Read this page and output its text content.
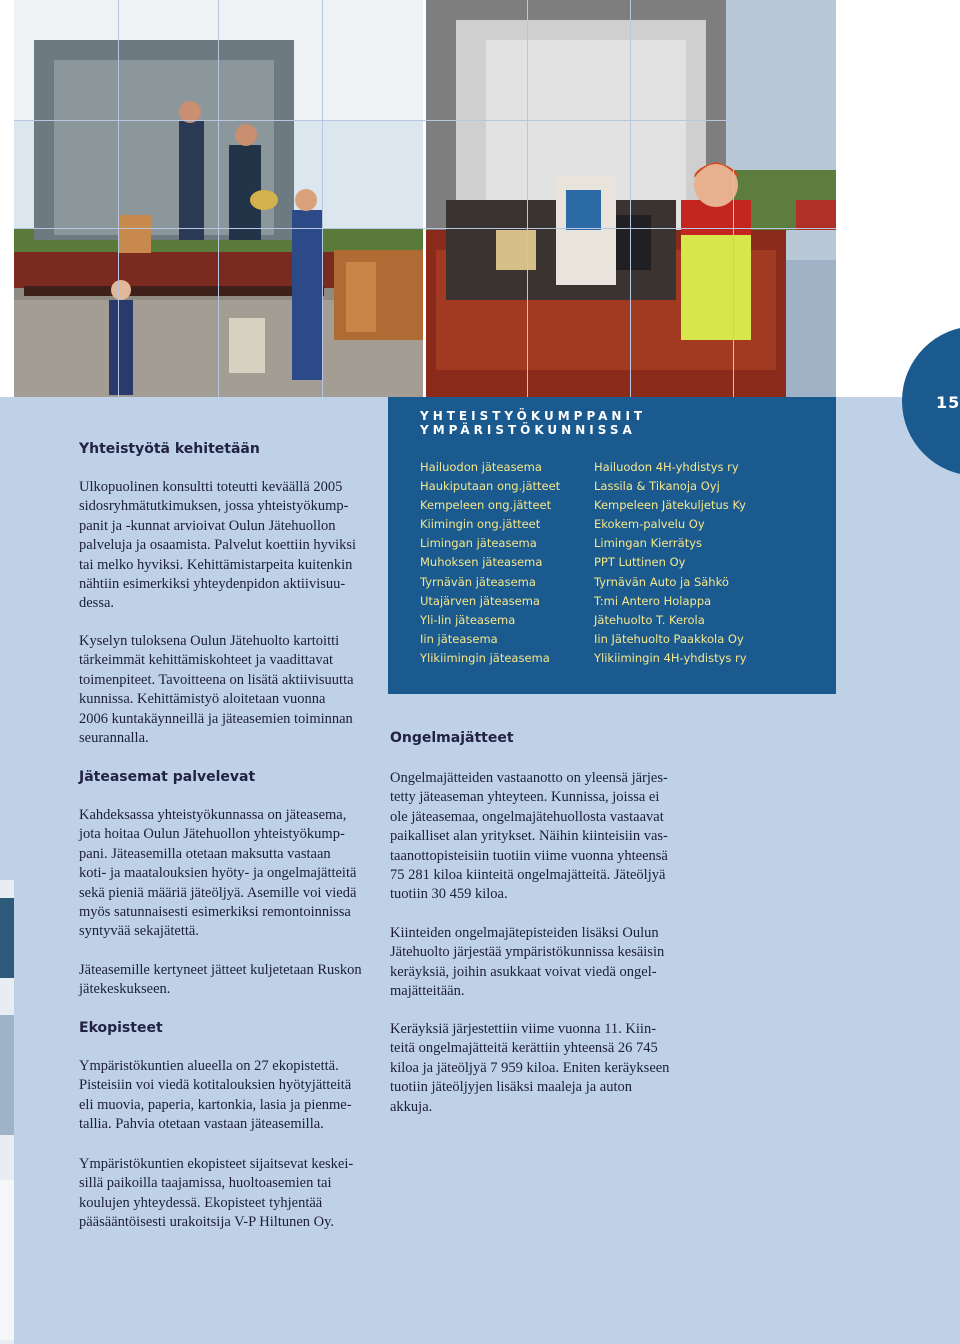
15
Yhteistyötä kehitetään

Ulkopuolinen konsultti toteutti keväällä 2005
sidosryhmätutkimuksen, jossa yhteistyökump-
panit ja -kunnat arvioivat Oulun Jätehuollon
palveluja ja osaamista. Palvelut koettiin hyviksi
tai melko hyviksi. Kehittämistarpeita kuitenkin
nähtiin esimerkiksi yhteydenpidon aktiivisuu-
dessa.

Kyselyn tuloksena Oulun Jätehuolto kartoitti
tärkeimmät kehittämiskohteet ja vaadittavat
toimenpiteet. Tavoitteena on lisätä aktiivisuutta
kunnissa. Kehittämistyö aloitetaan vuonna
2006 kuntakäynneillä ja jäteasemien toiminnan
seurannalla.

Jäteasemat palvelevat

Kahdeksassa yhteistyökunnassa on jäteasema,
jota hoitaa Oulun Jätehuollon yhteistyökump-
pani. Jäteasemilla otetaan maksutta vastaan
koti- ja maatalouksien hyöty- ja ongelmajätteitä
sekä pieniä määriä jäteöljyä. Asemille voi viedä
myös satunnaisesti esimerkiksi remontoinnissa
syntyvää sekajätettä.

Jäteasemille kertyneet jätteet kuljetetaan Ruskon
jätekeskukseen.

Ekopisteet

Ympäristökuntien alueella on 27 ekopistettä.
Pisteisiin voi viedä kotitalouksien hyötyjätteitä
eli muovia, paperia, kartonkia, lasia ja pienme-
tallia. Pahvia otetaan vastaan jäteasemilla.

Ympäristökuntien ekopisteet sijaitsevat keskei-
sillä paikoilla taajamissa, huoltoasemien tai
koulujen yhteydessä. Ekopisteet tyhjentää
pääsääntöisesti urakoitsija V-P Hiltunen Oy.

YHTEISTYÖKUMPPANIT
YMPÄRISTÖKUNNISSA
Hailuodon jäteasema
Haukiputaan ong.jätteet
Kempeleen ong.jätteet
Kiimingin ong.jätteet
Limingan jäteasema
Muhoksen jäteasema
Tyrnävän jäteasema
Utajärven jäteasema
Yli-Iin jäteasema
Iin jäteasema
Ylikiimingin jäteasema
Hailuodon 4H-yhdistys ry
Lassila & Tikanoja Oyj
Kempeleen Jätekuljetus Ky
Ekokem-palvelu Oy
Limingan Kierrätys
PPT Luttinen Oy
Tyrnävän Auto ja Sähkö
T:mi Antero Holappa
Jätehuolto T. Kerola
Iin Jätehuolto Paakkola Oy
Ylikiimingin 4H-yhdistys ry
Ongelmajätteet

Ongelmajätteiden vastaanotto on yleensä järjes-
tetty jäteaseman yhteyteen. Kunnissa, joissa ei
ole jäteasemaa, ongelmajätehuollosta vastaavat
paikalliset alan yritykset. Näihin kiinteisiin vas-
taanottopisteisiin tuotiin viime vuonna yhteensä
75 281 kiloa kiinteitä ongelmajätteitä. Jäteöljyä
tuotiin 30 459 kiloa.

Kiinteiden ongelmajätepisteiden lisäksi Oulun
Jätehuolto järjestää ympäristökunnissa kesäisin
keräyksiä, joihin asukkaat voivat viedä ongel-
majätteitään.

Keräyksiä järjestettiin viime vuonna 11. Kiin-
teitä ongelmajätteitä kerättiin yhteensä 26 745
kiloa ja jäteöljyä 7 959 kiloa. Eniten keräykseen
tuotiin jäteöljyjen lisäksi maaleja ja auton
akkuja.
